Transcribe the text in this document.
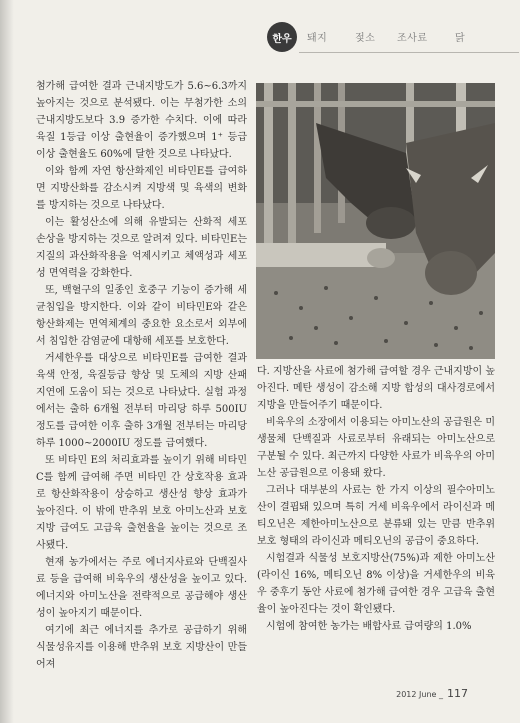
한우	돼지	젖소 조사료	닭

첨가해 급여한 결과 근내지방도가 5.6~6.3까지 높아지는 것으로 분석됐다. 이는 무첨가한 소의 근내지방도보다 3.9 증가한 수치다. 이에 따라 육질 1등급 이상 출현율이 증가했으며 1⁺ 등급 이상 출현율도 60%에 달한 것으로 나타났다.

이와 함께 자연 항산화제인 비타민E를 급여하면 지방산화를 감소시켜 지방색 및 육색의 변화를 방지하는 것으로 나타났다.

이는 활성산소에 의해 유발되는 산화적 세포 손상을 방지하는 것으로 알려져 있다. 비타민E는 지질의 과산화작용을 억제시키고 체액성과 세포성 면역력을 강화한다.

또, 백혈구의 일종인 호중구 기능이 증가해 세균침입을 방지한다. 이와 같이 비타민E와 같은 항산화제는 면역체계의 중요한 요소로서 외부에서 침입한 감염균에 대항해 세포를 보호한다.

거세한우를 대상으로 비타민E를 급여한 결과 육색 안정, 육질등급 향상 및 도체의 지방 산패 지연에 도움이 되는 것으로 나타났다. 실험 과정에서는 출하 6개월 전부터 마리당 하루 500IU 정도를 급여한 이후 출하 3개월 전부터는 마리당 하루 1000~2000IU 정도를 급여했다.

또 비타민 E의 처리효과를 높이기 위해 비타민C를 함께 급여해 주면 비타민 간 상호작용 효과로 항산화작용이 상승하고 생산성 향상 효과가 높아진다. 이 밖에 반추위 보호 아미노산과 보호지방 급여도 고급육 출현율을 높이는 것으로 조사됐다.

현재 농가에서는 주로 에너지사료와 단백질사료 등을 급여해 비육우의 생산성을 높이고 있다. 에너지와 아미노산을 전략적으로 공급해야 생산성이 높아지기 때문이다.

여기에 최근 에너지를 추가로 공급하기 위해 식물성유지를 이용해 반추위 보호 지방산이 만들어져

다. 지방산을 사료에 첨가해 급여할 경우 근내지방이 높아진다. 메탄 생성이 감소해 지방 합성의 대사경로에서 지방을 만들어주기 때문이다.

비육우의 소장에서 이용되는 아미노산의 공급원은 미생물체 단백질과 사료로부터 유래되는 아미노산으로 구분될 수 있다. 최근까지 다양한 사료가 비육우의 아미노산 공급원으로 이용돼 왔다.

그러나 대부분의 사료는 한 가지 이상의 필수아미노산이 결핍돼 있으며 특히 거세 비육우에서 라이신과 메티오닌은 제한아미노산으로 분류돼 있는 만큼 반추위 보호 형태의 라이신과 메티오닌의 공급이 중요하다.

시험결과 식물성 보호지방산(75%)과 제한 아미노산(라이신 16%, 메티오닌 8% 이상)을 거세한우의 비육우 중후기 동안 사료에 첨가해 급여한 경우 고급육 출현율이 높아진다는 것이 확인됐다.

시험에 참여한 농가는 배합사료 급여량의 1.0%

2012 June _ 117
